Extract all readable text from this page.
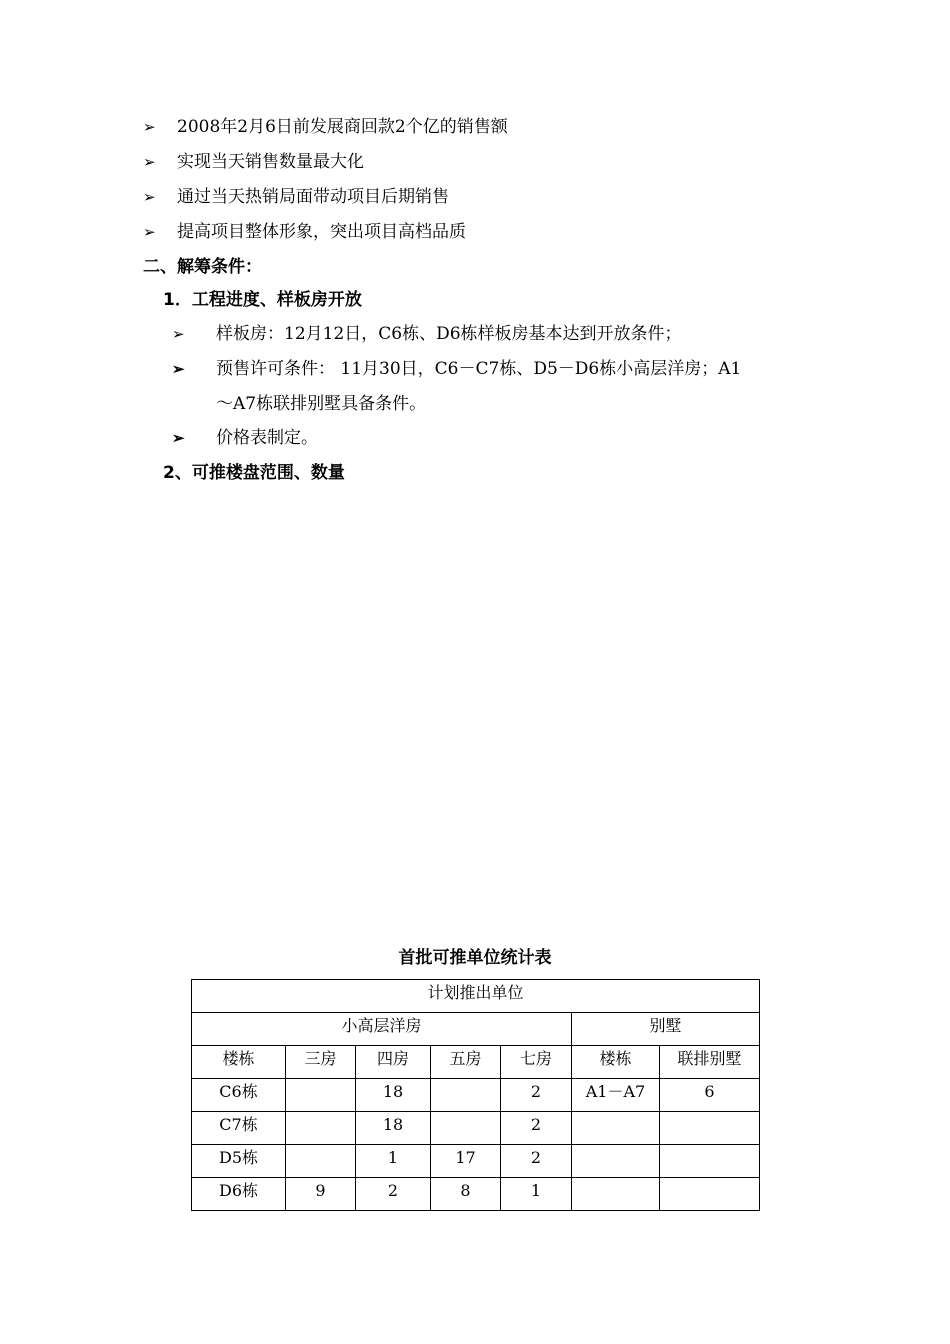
➢ 2008年2月6日前发展商回款2个亿的销售额
➢ 实现当天销售数量最大化
➢ 通过当天热销局面带动项目后期销售
➢ 提高项目整体形象，突出项目高档品质
二、解筹条件：
1．工程进度、样板房开放
➢ 样板房：12月12日，C6栋、D6栋样板房基本达到开放条件；
➢ 预售许可条件： 11月30日，C6－C7栋、D5－D6栋小高层洋房；A1
～A7栋联排别墅具备条件。
➢ 价格表制定。
2、可推楼盘范围、数量
首批可推单位统计表
计划推出单位						
小高层洋房					别墅	
楼栋	三房	四房	五房	七房	楼栋	联排别墅
C6栋		18		2	A1－A7	6
C7栋		18		2		
D5栋		1	17	2		
D6栋	9	2	8	1		
